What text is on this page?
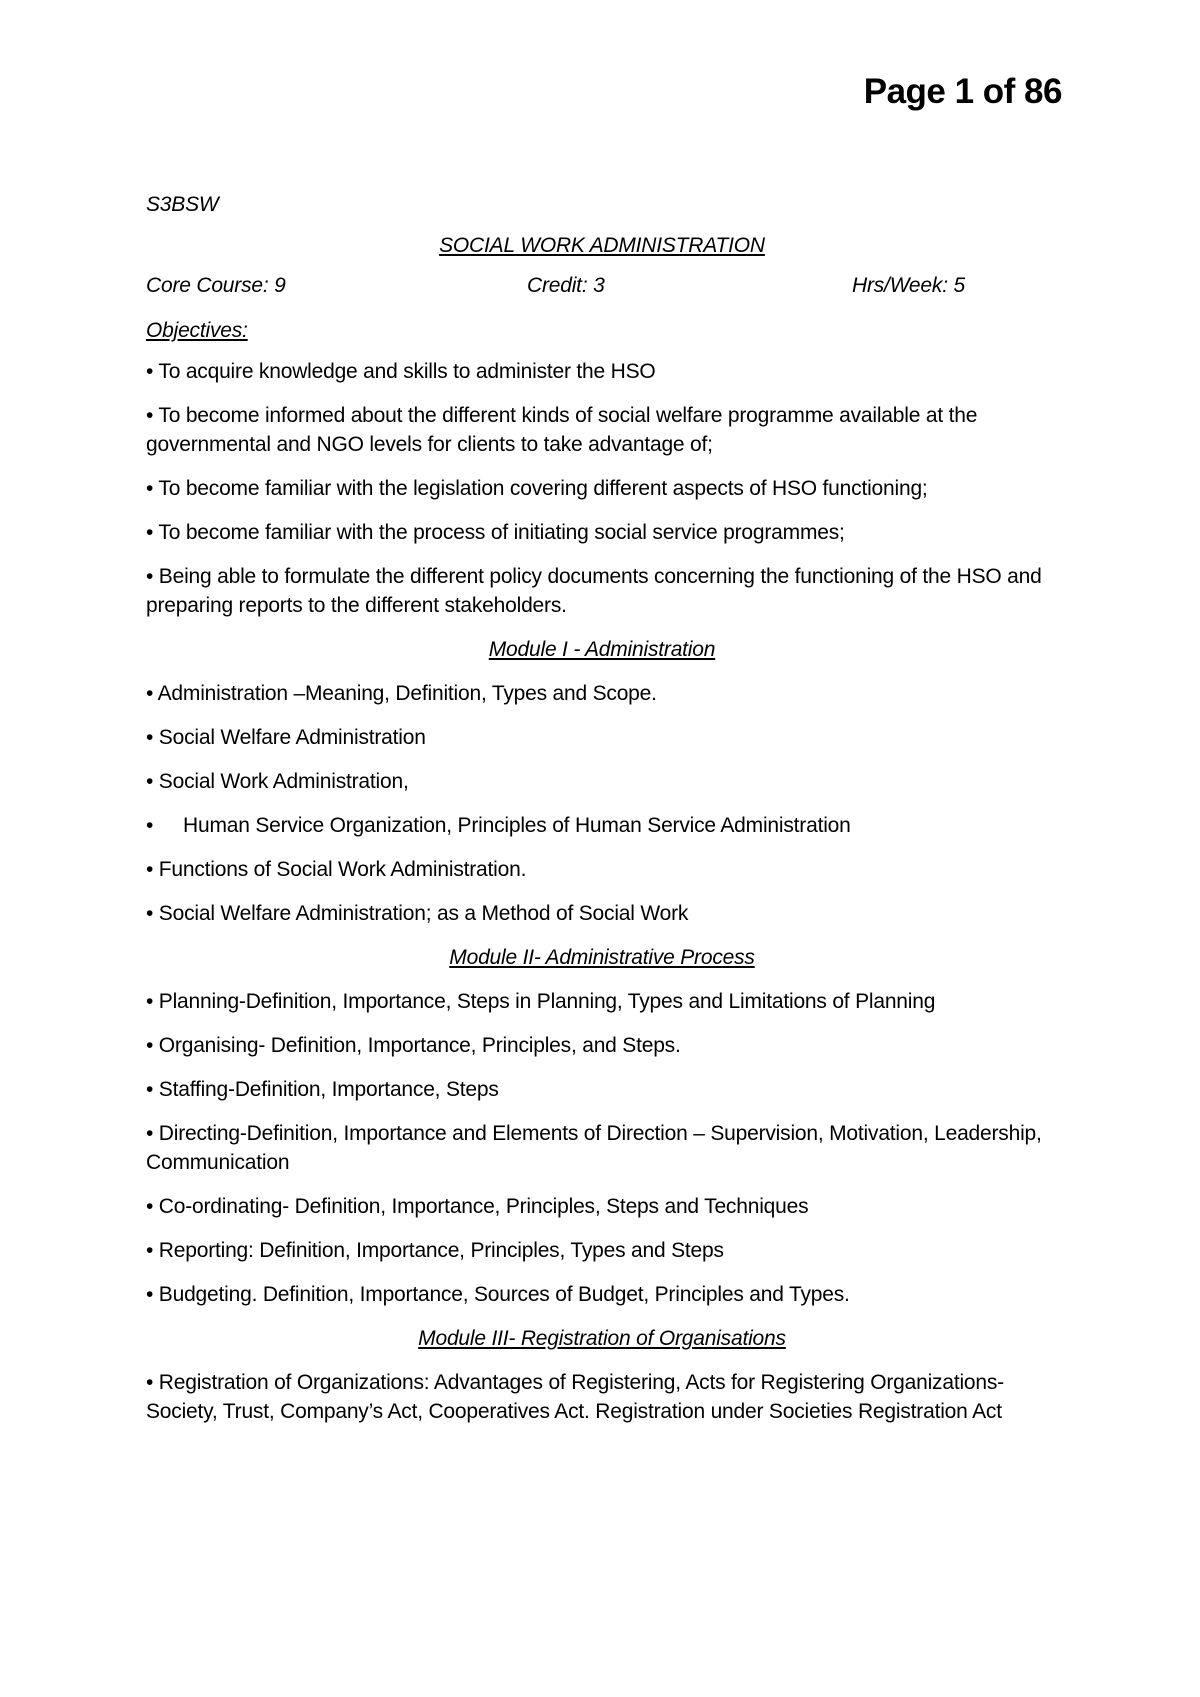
Page 1 of 86
S3BSW
SOCIAL WORK ADMINISTRATION
Core Course: 9	Credit: 3	Hrs/Week: 5
Objectives:
• To acquire knowledge and skills to administer the HSO
• To become informed about the different kinds of social welfare programme available at the governmental and NGO levels for clients to take advantage of;
• To become familiar with the legislation covering different aspects of HSO functioning;
• To become familiar with the process of initiating social service programmes;
• Being able to formulate the different policy documents concerning the functioning of the HSO and preparing reports to the different stakeholders.
Module I - Administration
• Administration –Meaning, Definition, Types and Scope.
• Social Welfare Administration
• Social Work Administration,
• Human Service Organization, Principles of Human Service Administration
• Functions of Social Work Administration.
• Social Welfare Administration; as a Method of Social Work
Module II- Administrative Process
• Planning-Definition, Importance, Steps in Planning, Types and Limitations of Planning
• Organising- Definition, Importance, Principles, and Steps.
• Staffing-Definition, Importance, Steps
• Directing-Definition, Importance and Elements of Direction – Supervision, Motivation, Leadership, Communication
• Co-ordinating- Definition, Importance, Principles, Steps and Techniques
• Reporting: Definition, Importance, Principles, Types and Steps
• Budgeting. Definition, Importance, Sources of Budget, Principles and Types.
Module III- Registration of Organisations
• Registration of Organizations: Advantages of Registering, Acts for Registering Organizations-Society, Trust, Company’s Act, Cooperatives Act. Registration under Societies Registration Act
